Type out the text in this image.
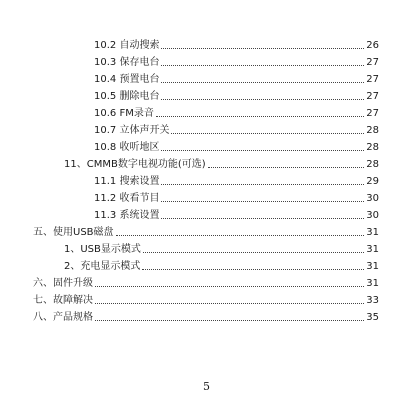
10.2 自动搜索	26
10.3 保存电台	27
10.4 预置电台	27
10.5 删除电台	27
10.6 FM录音	27
10.7 立体声开关	28
10.8 收听地区	28
11、CMMB数字电视功能(可选)	28
11.1 搜索设置	29
11.2 收看节目	30
11.3 系统设置	30
五、使用USB磁盘	31
1、USB显示模式	31
2、充电显示模式	31
六、固件升级	31
七、故障解决	33
八、产品规格	35
5
